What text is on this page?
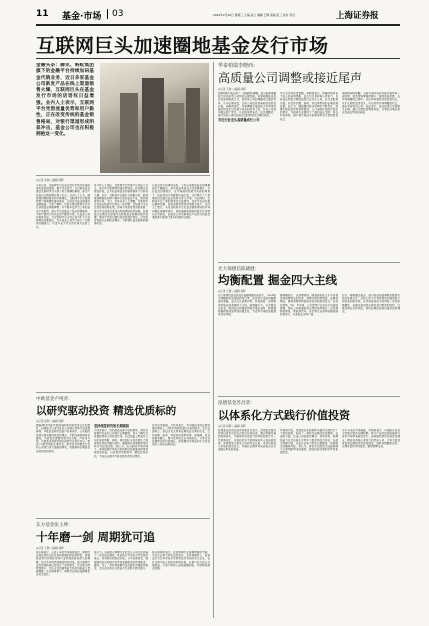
11 基金·市场 03	2020年2月26日 星期三 主编 孙立 编辑 王静 美编 张三 校对 李四	上海证券报
互联网巨头加速圈地基金发行市场
金融头条：腾讯、蚂蚁集团旗下的金融平台持续加码基金代销业务，近日多家基金公司新发产品在线上渠道销售火爆，互联网巨头在基金发行市场的话语权日益增强。业内人士表示，互联网平台凭借流量优势和用户黏性，正在改变传统的基金销售格局，对银行渠道形成明显冲击，基金公司也在积极拥抱这一变化。
◎记者 吴晓 ○编辑 杨晖
今年以来，互联网平台在基金发行市场中扮演的角色越来越重要。据不完全统计，多只新发基金通过互联网平台实现了较大规模的募集，部分产品首日认购即超过数十亿元。业内人士认为，随着居民理财需求的不断增长，互联网平台凭借海量用户和便捷的操作体验，已经成为基金销售的重要渠道。记者了解到，目前主要互联网平台均已获得基金销售牌照，并不断丰富平台上架的基金产品数量。部分平台还推出了基金投顾服务，为用户提供个性化的资产配置方案。从基金公司的角度来看，与互联网平台合作已成为扩大产品销售的重要途径，许多基金公司专门成立了互联网金融部门，负责与各大平台的对接与运营工作。
有分析人士指出，互联网平台的用户以年轻人为主，他们对于新事物的接受度较高，投资理念也更加开放，这为权益类基金的销售提供了良好的土壤。此外，互联网平台通过大数据分析，能够更加精准地向用户推荐合适的基金产品，提高销售转化率。不过，也有业内人士提醒，互联网平台在基金销售中也存在一些问题，比如部分平台过度宣传短期业绩，容易引导投资者追涨杀跌；部分平台的投资者适当性管理还有待加强。监管部门近期也在加强对互联网基金销售的规范管理，要求平台切实履行投资者保护责任，引导投资者树立长期投资理念，不断提升基金销售的服务质量。
从基金发行的情况来看，今年以来新发基金的规模同比大幅增长，其中权益类基金占比显著提升。多位基金经理表示，在市场流动性较为充裕的背景下，权益类资产的配置价值凸显，这也吸引了大量增量资金通过基金的形式进入市场。与此同时，互联网平台之间的竞争也日趋激烈，各家平台纷纷推出费率优惠、投资者教育等活动来吸引用户。业内人士预计，未来互联网平台在基金销售领域的市场份额还将继续提升，传统渠道需要加快数字化转型以应对挑战，而基金公司也需要在产品设计和投资者服务方面进行更多的创新与探索。
华泰柏瑞李晓西：
高质量公司调整或接近尾声
◎记者 王敏 ○编辑 杨晖
近期A股市场出现了一定幅度的调整，部分前期涨幅较大的高质量公司股价出现回落。华泰柏瑞基金投资总监李晓西认为，高质量公司的调整或已接近尾声，从中长期来看，这些公司依然具备较好的投资价值。李晓西表示，本轮调整主要是由于市场风险偏好的变化以及部分资金的获利了结，并非公司基本面出现了恶化。从估值角度来看，经过调整后，部分优质公司的估值已经回到相对合理的区间。

关注行业龙头高质量成长公司
对于后市的投资策略，李晓西表示，将继续坚持自下而上的选股思路，重点关注具有核心竞争力、良好成长性和合理估值的行业龙头公司。在行业配置方面，他看好消费、医药、科技等领域的长期发展前景。他认为，随着国内经济结构的不断优化，消费升级的趋势将持续推进；人口老龄化和医疗需求的提升，为医药行业提供了广阔的成长空间；而在科技领域，国产替代和技术创新将带来大量的投资机会。
李晓西同时提醒，当前市场的波动可能仍将持续一段时间，投资者需要保持耐心，避免追涨杀跌。在市场调整的过程中，往往孕育着较好的投资机会，对于长期投资者而言，可以利用市场调整的机会，逐步布局优质公司。他还表示，基金投资应该着眼于长期，通过分散投资降低风险，分享经济增长和企业成长带来的收益。
光大保德信陈晓健：
均衡配置 掘金四大主线
◎记者 王敏 ○编辑 杨晖
光大保德信基金投资总监陈晓健日前表示，今年A股市场整体将呈现结构性行情，投资者应采取均衡配置的策略，重点关注消费升级、科技创新、高端制造和低估值蓝筹四大主线。陈晓健认为，从宏观经济来看，国内经济有望保持稳定增长态势，政策面将继续保持连续性和稳定性，为资本市场的发展提供良好环境。
陈晓健表示，在消费领域，随着居民收入水平的提高和消费观念的转变，消费升级趋势明显，品牌消费品、服务消费等领域存在较好的投资机会；在科技领域，5G、半导体、云计算等产业正处于快速发展期，相关公司有望迎来业绩的持续增长；在高端制造领域，新能源汽车、光伏等行业具有较强的国际竞争力，未来成长空间广阔。
此外，陈晓健还指出，部分低估值蓝筹股的配置价值也值得关注。这些公司大多具有稳定的盈利能力和较高的股息率，在市场波动加大时具有一定的防御属性。他建议投资者在做好资产配置的同时，注意控制仓位和风险，坚持长期投资和价值投资的理念。
中欧基金卢纯青：
以研究驱动投资 精选优质标的
◎记者 杨晖 ○编辑 杨晖
随着A股市场的不断发展和机构投资者占比的提升，投研能力已成为基金公司核心竞争力的重要体现。中欧基金研究总监卢纯青表示，公司始终坚持以研究驱动投资的理念，不断完善投研体系建设，为投资决策提供坚实的支撑。卢纯青介绍，中欧基金的研究团队按照行业进行划分，覆盖了A股市场的主要行业，研究员对所覆盖行业和公司进行深入细致的研究，挖掘具有长期投资价值的优质标的。
坚持深度研究和长期跟踪
卢纯青表示，好的投资来源于好的研究。研究员需要对行业和公司进行长期跟踪，深入了解行业发展趋势和公司经营状况，在此基础上形成对公司价值的判断。同时，研究团队与投资团队之间保持密切的沟通与协作，确保研究成果能够及时转化为投资决策。她认为，在当前的市场环境下，单纯依靠市场热点和短期交易很难获得持续稳定的收益，只有坚持深度研究、精选优质标的，才能在长期中为投资者创造良好回报。
谈及后市展望，卢纯青表示，对中国经济的长期发展充满信心，A股市场的投资机会依然较多。在行业选择上，将重点关注具有长期成长空间的行业，比如消费、医药、科技和先进制造等。她强调，投资需要有耐心，要与优秀的企业共同成长，分享企业发展带来的价值增长，而短期的市场波动不会改变优质公司的长期价值。
泓德基金苏昌景：
以体系化方式践行价值投资
◎记者 杨晖 ○编辑 杨晖
泓德基金投资总监苏昌景近日表示，泓德基金始终坚持以体系化的方式践行价值投资，通过构建完善的投研体系，不断提升投资能力和风险控制水平。苏昌景表示，价值投资并不是简单地买入低估值股票，而是要深入研究公司的内在价值，寻找价格低于价值的投资机会，并通过长期持有来获取企业价值增长带来的收益。
苏昌景介绍，泓德基金在投研体系建设方面进行了大量的探索，形成了一套较为成熟的投资框架。在选股方面，注重公司的商业模式、竞争优势、管理层能力以及估值水平等多个维度的综合评估；在组合构建方面，注重行业和个股的分散配置，控制组合的整体风险。他认为，体系化的投资方法能够减少主观判断带来的偏差，提高投资决策的科学性和稳定性。
对于未来的市场展望，苏昌景表示，中国经济正处于转型升级的关键时期，新兴产业的快速发展将为资本市场带来新的活力。他将继续坚持价值投资理念，精选具有核心竞争力的优质公司，力争为投资者创造长期稳定的投资回报。同时他提醒投资者，应理性看待市场波动，避免频繁交易。
东方基金张玉坤：
十年磨一剑 周期犹可追
◎记者 王敏 ○编辑 杨晖
张玉坤表示，从近十年的市场表现来看，周期行业的投资机会往往具有较强的阶段性特征，需要投资者对宏观经济和行业供需格局有深入的理解。经过多年的供给侧结构性改革，部分周期行业的竞争格局已经发生了深刻变化，行业集中度明显提升，龙头企业的盈利能力和抗风险能力显著增强。在这种背景下，周期行业的投资逻辑也在发生变化。
他认为，当前部分周期行业的龙头公司已经具备了一定的成长属性，其估值水平仍处于历史相对低位，具有较好的投资价值。从中长期来看，随着国内经济的稳步复苏和基建投资的持续推进，建材、化工、有色等周期行业的需求有望保持稳定，龙头企业将充分受益于行业集中度的提升。
张玉坤同时表示，投资周期行业需要把握好节奏，关注行业景气度的边际变化。在具体操作上，他将重点关注具有成本优势和技术优势的龙头企业，在行业景气向上的阶段积极布局，在景气高点适当兑现收益，力争为持有人获取超额回报，并控制好组合回撤。
